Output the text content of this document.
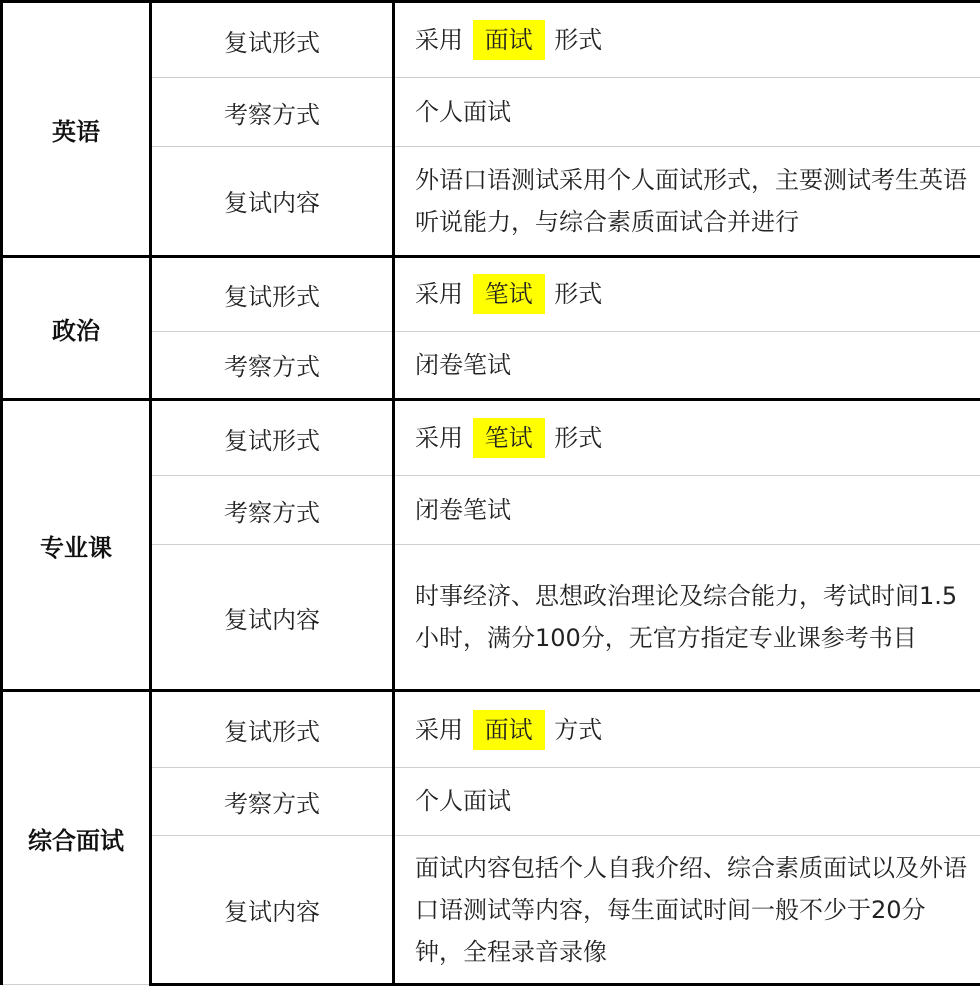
英语	复试形式	采用 面试 形式
	考察方式	个人面试
	复试内容	外语口语测试采用个人面试形式，主要测试考生英语听说能力，与综合素质面试合并进行
政治	复试形式	采用 笔试 形式
	考察方式	闭卷笔试
专业课	复试形式	采用 笔试 形式
	考察方式	闭卷笔试
	复试内容	时事经济、思想政治理论及综合能力，考试时间1.5小时，满分100分，无官方指定专业课参考书目
综合面试	复试形式	采用 面试 方式
	考察方式	个人面试
	复试内容	面试内容包括个人自我介绍、综合素质面试以及外语口语测试等内容，每生面试时间一般不少于20分钟，全程录音录像
